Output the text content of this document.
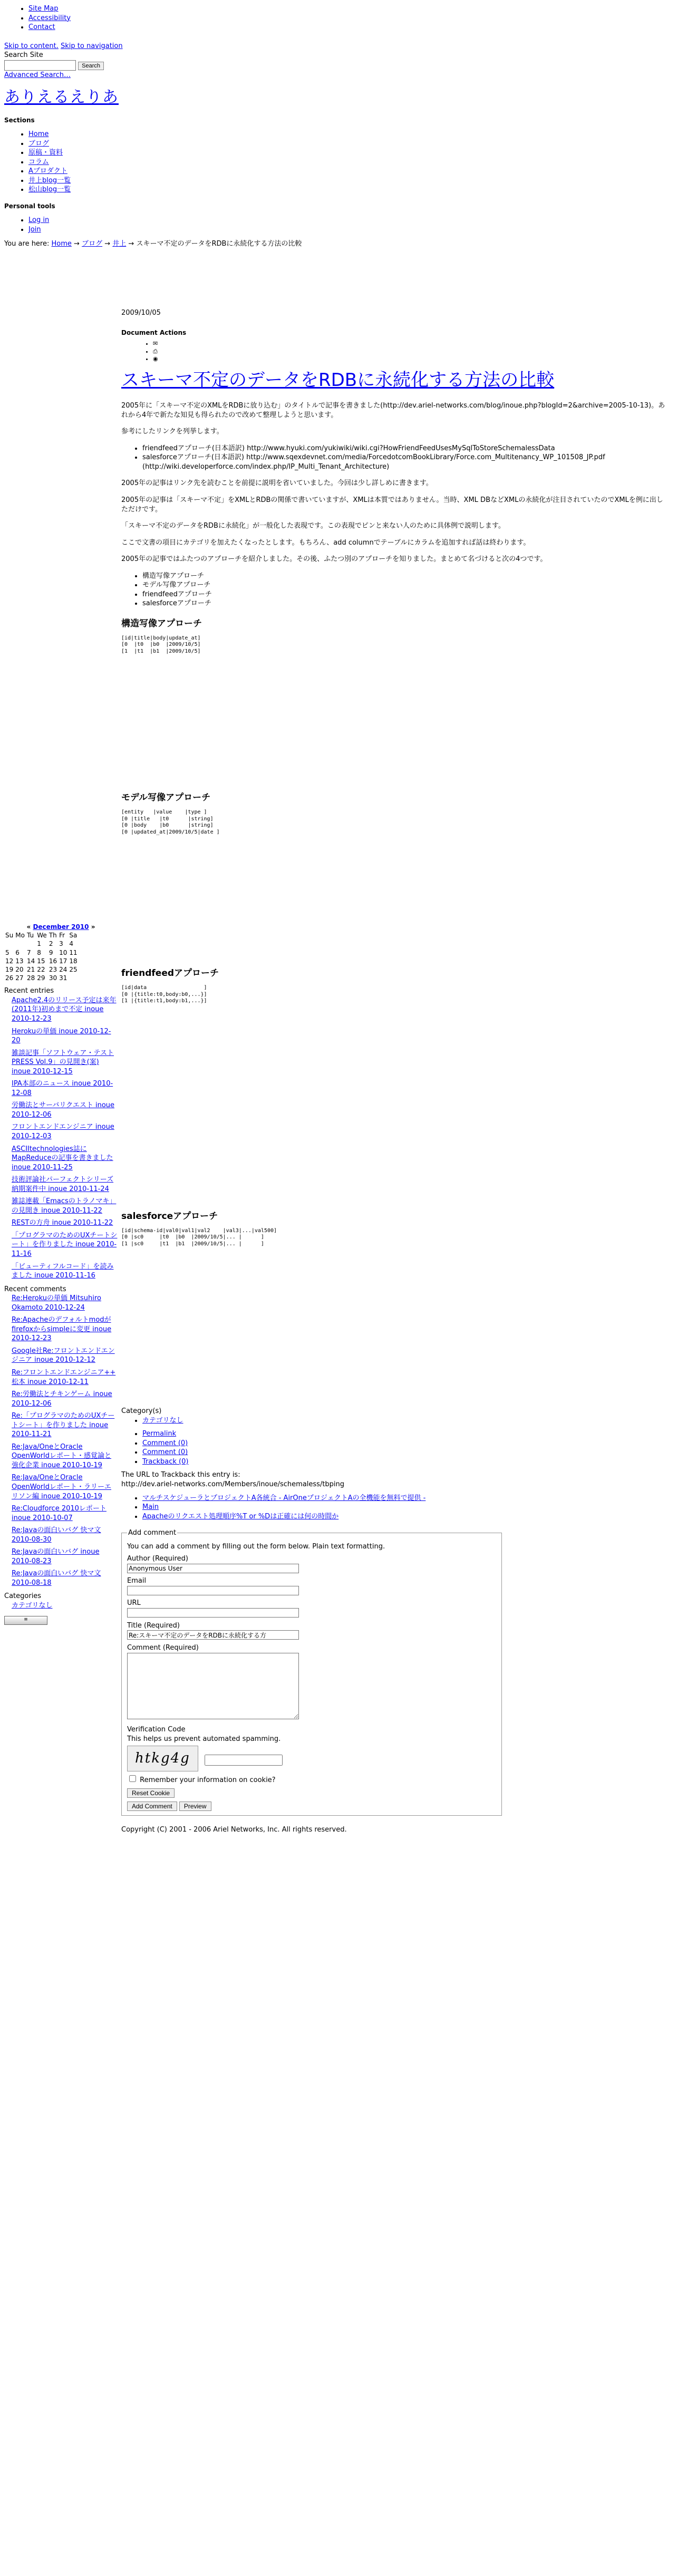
• Site Map
• Accessibility
• Contact
Skip to content. Skip to navigation
Search Site
Search
Advanced Search…
ありえるえりあ
Sections
• Home
• ブログ
• 原稿・資料
• コラム
• Aプロダクト
• 井上blog一覧
• 松山blog一覧
Personal tools
• Log in
• Join
You are here: Home → ブログ → 井上 → スキーマ不定のデータをRDBに永続化する方法の比較
2009/10/05
Document Actions
• ✉
• ⎙
• ◉
スキーマ不定のデータをRDBに永続化する方法の比較

2005年に「スキーマ不定のXMLをRDBに放り込む」のタイトルで記事を書きました(http://dev.ariel-networks.com/blog/inoue.php?blogId=2&archive=2005-10-13)。あれから4年で新たな知見も得られたので改めて整理しようと思います。

参考にしたリンクを列挙します。

• friendfeedアプローチ(日本語訳) http://www.hyuki.com/yukiwiki/wiki.cgi?HowFriendFeedUsesMySqlToStoreSchemalessData
• salesforceアプローチ(日本語訳) http://www.sqexdevnet.com/media/ForcedotcomBookLibrary/Force.com_Multitenancy_WP_101508_JP.pdf (http://wiki.developerforce.com/index.php/IP_Multi_Tenant_Architecture)

2005年の記事はリンク先を読むことを前提に説明を省いていました。今回は少し詳しめに書きます。

2005年の記事は「スキーマ不定」をXMLとRDBの関係で書いていますが、XMLは本質ではありません。当時、XML DBなどXMLの永続化が注目されていたのでXMLを例に出しただけです。

「スキーマ不定のデータをRDBに永続化」が一般化した表現です。この表現でピンと来ない人のために具体例で説明します。

ここで文書の項目にカテゴリを加えたくなったとします。もちろん、add columnでテーブルにカラムを追加すれば話は終わります。

2005年の記事ではふたつのアプローチを紹介しました。その後、ふたつ別のアプローチを知りました。まとめて名づけると次の4つです。

• 構造写像アプローチ
• モデル写像アプローチ
• friendfeedアプローチ
• salesforceアプローチ
構造写像アプローチ
[id|title|body|update_at]
[0  |t0  |b0  |2009/10/5]
[1  |t1  |b1  |2009/10/5]
モデル写像アプローチ
[entity   |value    |type ]
[0 |title   |t0      |string]
[0 |body    |b0      |string]
[0 |updated_at|2009/10/5|date ]
friendfeedアプローチ
[id|data                  ]
[0 |{title:t0,body:b0,...}]
[1 |{title:t1,body:b1,...}]
salesforceアプローチ
[id|schema-id|val0|val1|val2    |val3|...|val500]
[0 |sc0     |t0  |b0  |2009/10/5|... |      ]
[1 |sc0     |t1  |b1  |2009/10/5|... |      ]
Category(s)
• カテゴリなし
• Permalink
• Comment (0)
• Comment (0)
• Trackback (0)
The URL to Trackback this entry is:
http://dev.ariel-networks.com/Members/inoue/schemaless/tbping
• マルチスケジューラとプロジェクトA各統合 - AirOneプロジェクトAの全機能を無料で提供 -
• Main
• Apacheのリクエスト処理順序%T or %Dは正確には何の時間か
Add comment
You can add a comment by filling out the form below. Plain text formatting.
Author (Required)
Anonymous User
Email
URL
Title (Required)
Re:スキーマ不定のデータをRDBに永続化する方
Comment (Required)
Verification Code
This helps us prevent automated spamming.
htkg4g
Remember your information on cookie?
Reset Cookie
Add Comment Preview
Copyright (C) 2001 - 2006 Ariel Networks, Inc. All rights reserved.
« December 2010 »
Su	Mo	Tu	We	Th	Fr	Sa
			1	2	3	4
5	6	7	8	9	10	11
12	13	14	15	16	17	18
19	20	21	22	23	24	25
26	27	28	29	30	31	
Recent entries
Apache2.4のリリース予定は来年(2011年)初めまで不定 inoue 2010-12-23
Herokuの単価 inoue 2010-12-20
雑談記事「ソフトウェア・テスト PRESS Vol.9」の見開き(案) inoue 2010-12-15
IPA本部のニュース inoue 2010-12-08
労働法とサーバリクエスト inoue 2010-12-06
フロントエンドエンジニア inoue 2010-12-03
ASCIItechnologies誌にMapReduceの記事を書きました inoue 2010-11-25
技術評論社パーフェクトシリーズ納期案件中 inoue 2010-11-24
雑誌連載「Emacsのトラノマキ」の見開き inoue 2010-11-22
RESTの方舟 inoue 2010-11-22
「プログラマのためのUXチートシート」を作りました inoue 2010-11-16
「ビューティフルコード」を読みました inoue 2010-11-16
Recent comments
Re:Herokuの単価 Mitsuhiro Okamoto 2010-12-24
Re:Apacheのデフォルトmodがfirefoxからsimpleに変更 inoue 2010-12-23
Google社Re:フロントエンドエンジニア inoue 2010-12-12
Re:フロントエンドエンジニア++ 松本 inoue 2010-12-11
Re:労働法とチキンゲーム inoue 2010-12-06
Re:「プログラマのためのUXチートシート」を作りました inoue 2010-11-21
Re:Java/OneとOracle OpenWorldレポート・感覚論と強化企業 inoue 2010-10-19
Re:Java/OneとOracle OpenWorldレポート・ラリーエリソン編 inoue 2010-10-19
Re:Cloudforce 2010レポート inoue 2010-10-07
Re:Javaの面白いバグ 快マ文 2010-08-30
Re:Javaの面白いバグ inoue 2010-08-23
Re:Javaの面白いバグ 快マ文 2010-08-18
Categories
カテゴリなし
≡
